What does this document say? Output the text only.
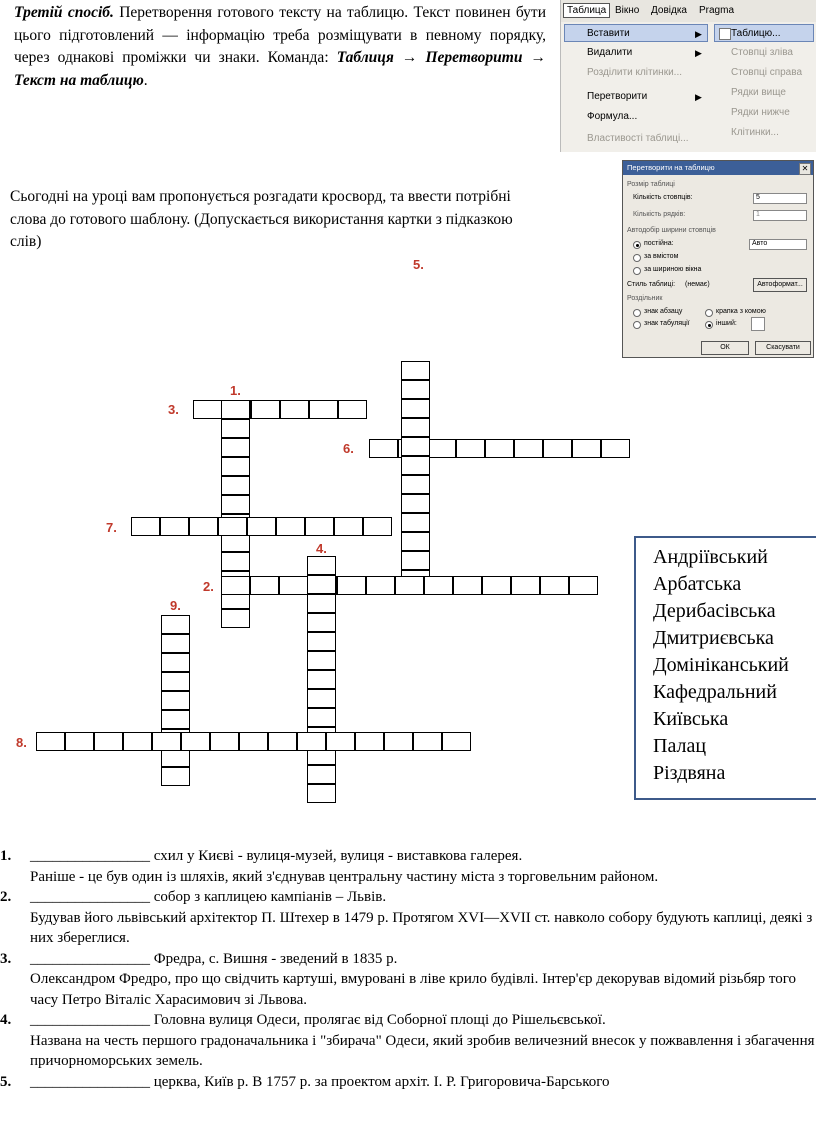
Третій спосіб. Перетворення готового тексту на таблицю. Текст повинен бути цього підготовлений — інформацію треба розміщувати в певному порядку, через однакові проміжки чи знаки. Команда: Таблиця → Перетворити → Текст на таблицю.
Таблица Вікно Довідка Pragma
Вставити	▶
Видалити	▶
Розділити клітинки...
Перетворити	▶
Формула...
Властивості таблиці...
Таблицю...
Стовпці зліва
Стовпці справа
Рядки вище
Рядки нижче
Клітинки...
Перетворити на таблицю	✕
Розмір таблиці
Кількість стовпців:	5
Кількість рядків:	1
Автодобір ширини стовпців
постійна:	Авто
за вмістом
за шириною вікна
Стиль таблиці: (немає)	Автоформат...
Роздільник
знак абзацу	крапка з комою
знак табуляції	інший:
ОК	Скасувати
Сьогодні на уроці вам пропонується розгадати кросворд, та ввести потрібні слова до готового шаблону. (Допускається використання картки з підказкою слів)
1.
2.
3.
4.
5.
6.
7.
8.
9.
Андріївський
Арбатська
Дерибасівська
Дмитриєвська
Домініканський
Кафедральний
Київська
Палац
Різдвяна
1. ________________ схил у Києві - вулиця-музей, вулиця - виставкова галерея.
Раніше - це був один із шляхів, який з'єднував центральну частину міста з торговельним районом.
2. ________________ собор з каплицею кампіанів – Львів.
Будував його львівський архітектор П. Штехер в 1479 р. Протягом XVI—XVII ст. навколо собору будують каплиці, деякі з них збереглися.
3. ________________ Фредра, с. Вишня - зведений в 1835 р.
Олександром Фредро, про що свідчить картуші, вмуровані в ліве крило будівлі. Інтер'єр декорував відомий різьбяр того часу Петро Віталіс Харасимович зі Львова.
4. ________________ Головна вулиця Одеси, пролягає від Соборної площі до Рішельєвської.
Названа на честь першого градоначальника і "збирача" Одеси, який зробив величезний внесок у пожвавлення і збагачення причорноморських земель.
5. ________________ церква, Київ р. В 1757 р. за проектом архіт. І. Р. Григоровича-Барського
